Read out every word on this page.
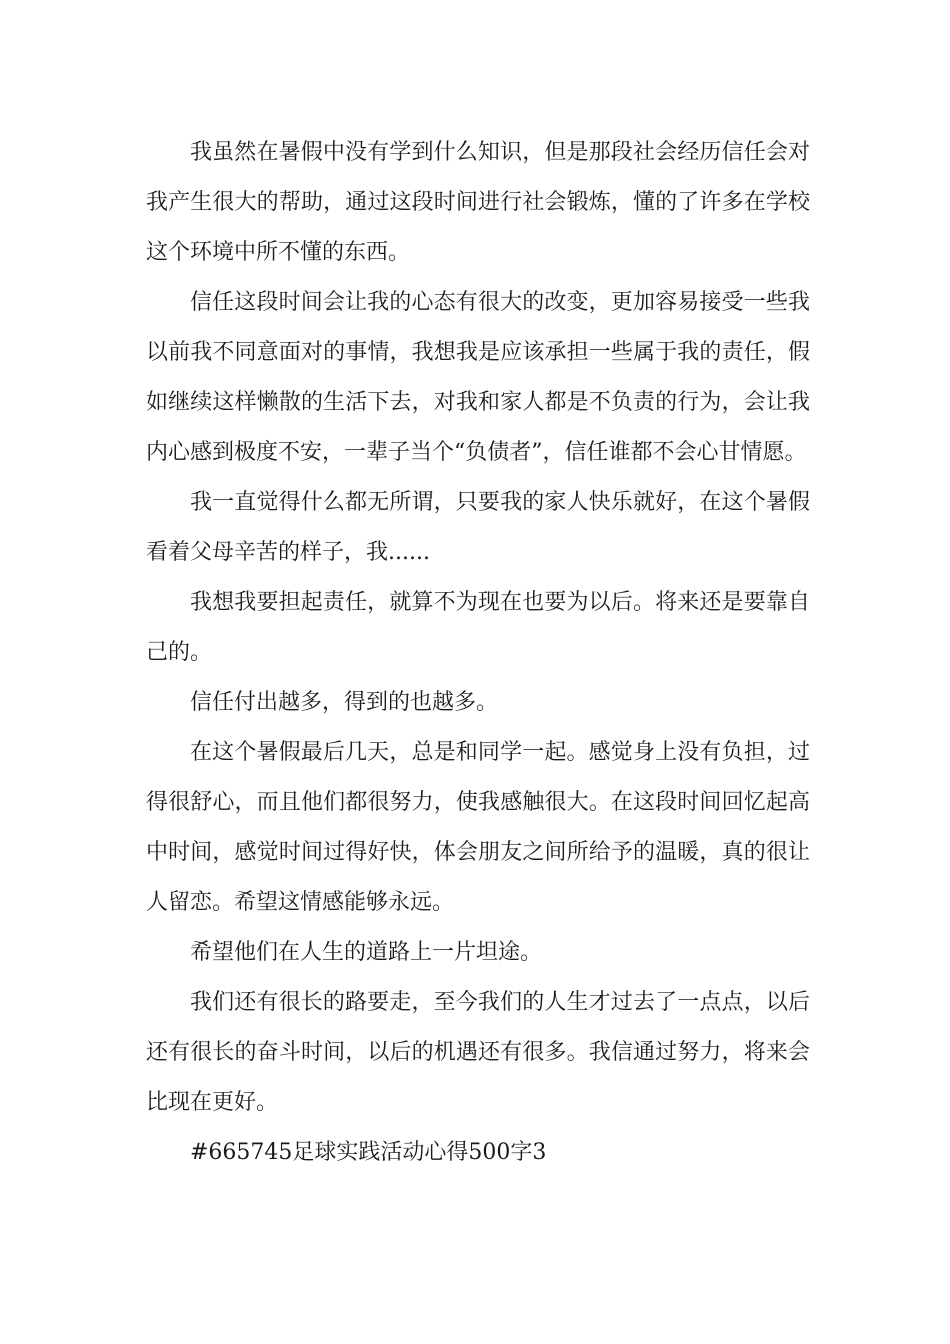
我虽然在暑假中没有学到什么知识，但是那段社会经历信任会对我产生很大的帮助，通过这段时间进行社会锻炼，懂的了许多在学校这个环境中所不懂的东西。

信任这段时间会让我的心态有很大的改变，更加容易接受一些我以前我不同意面对的事情，我想我是应该承担一些属于我的责任，假如继续这样懒散的生活下去，对我和家人都是不负责的行为，会让我内心感到极度不安，一辈子当个“负债者”，信任谁都不会心甘情愿。

我一直觉得什么都无所谓，只要我的家人快乐就好，在这个暑假看着父母辛苦的样子，我......

我想我要担起责任，就算不为现在也要为以后。将来还是要靠自己的。

信任付出越多，得到的也越多。

在这个暑假最后几天，总是和同学一起。感觉身上没有负担，过得很舒心，而且他们都很努力，使我感触很大。在这段时间回忆起高中时间，感觉时间过得好快，体会朋友之间所给予的温暖，真的很让人留恋。希望这情感能够永远。

希望他们在人生的道路上一片坦途。

我们还有很长的路要走，至今我们的人生才过去了一点点，以后还有很长的奋斗时间，以后的机遇还有很多。我信通过努力，将来会比现在更好。

#665745足球实践活动心得500字3
